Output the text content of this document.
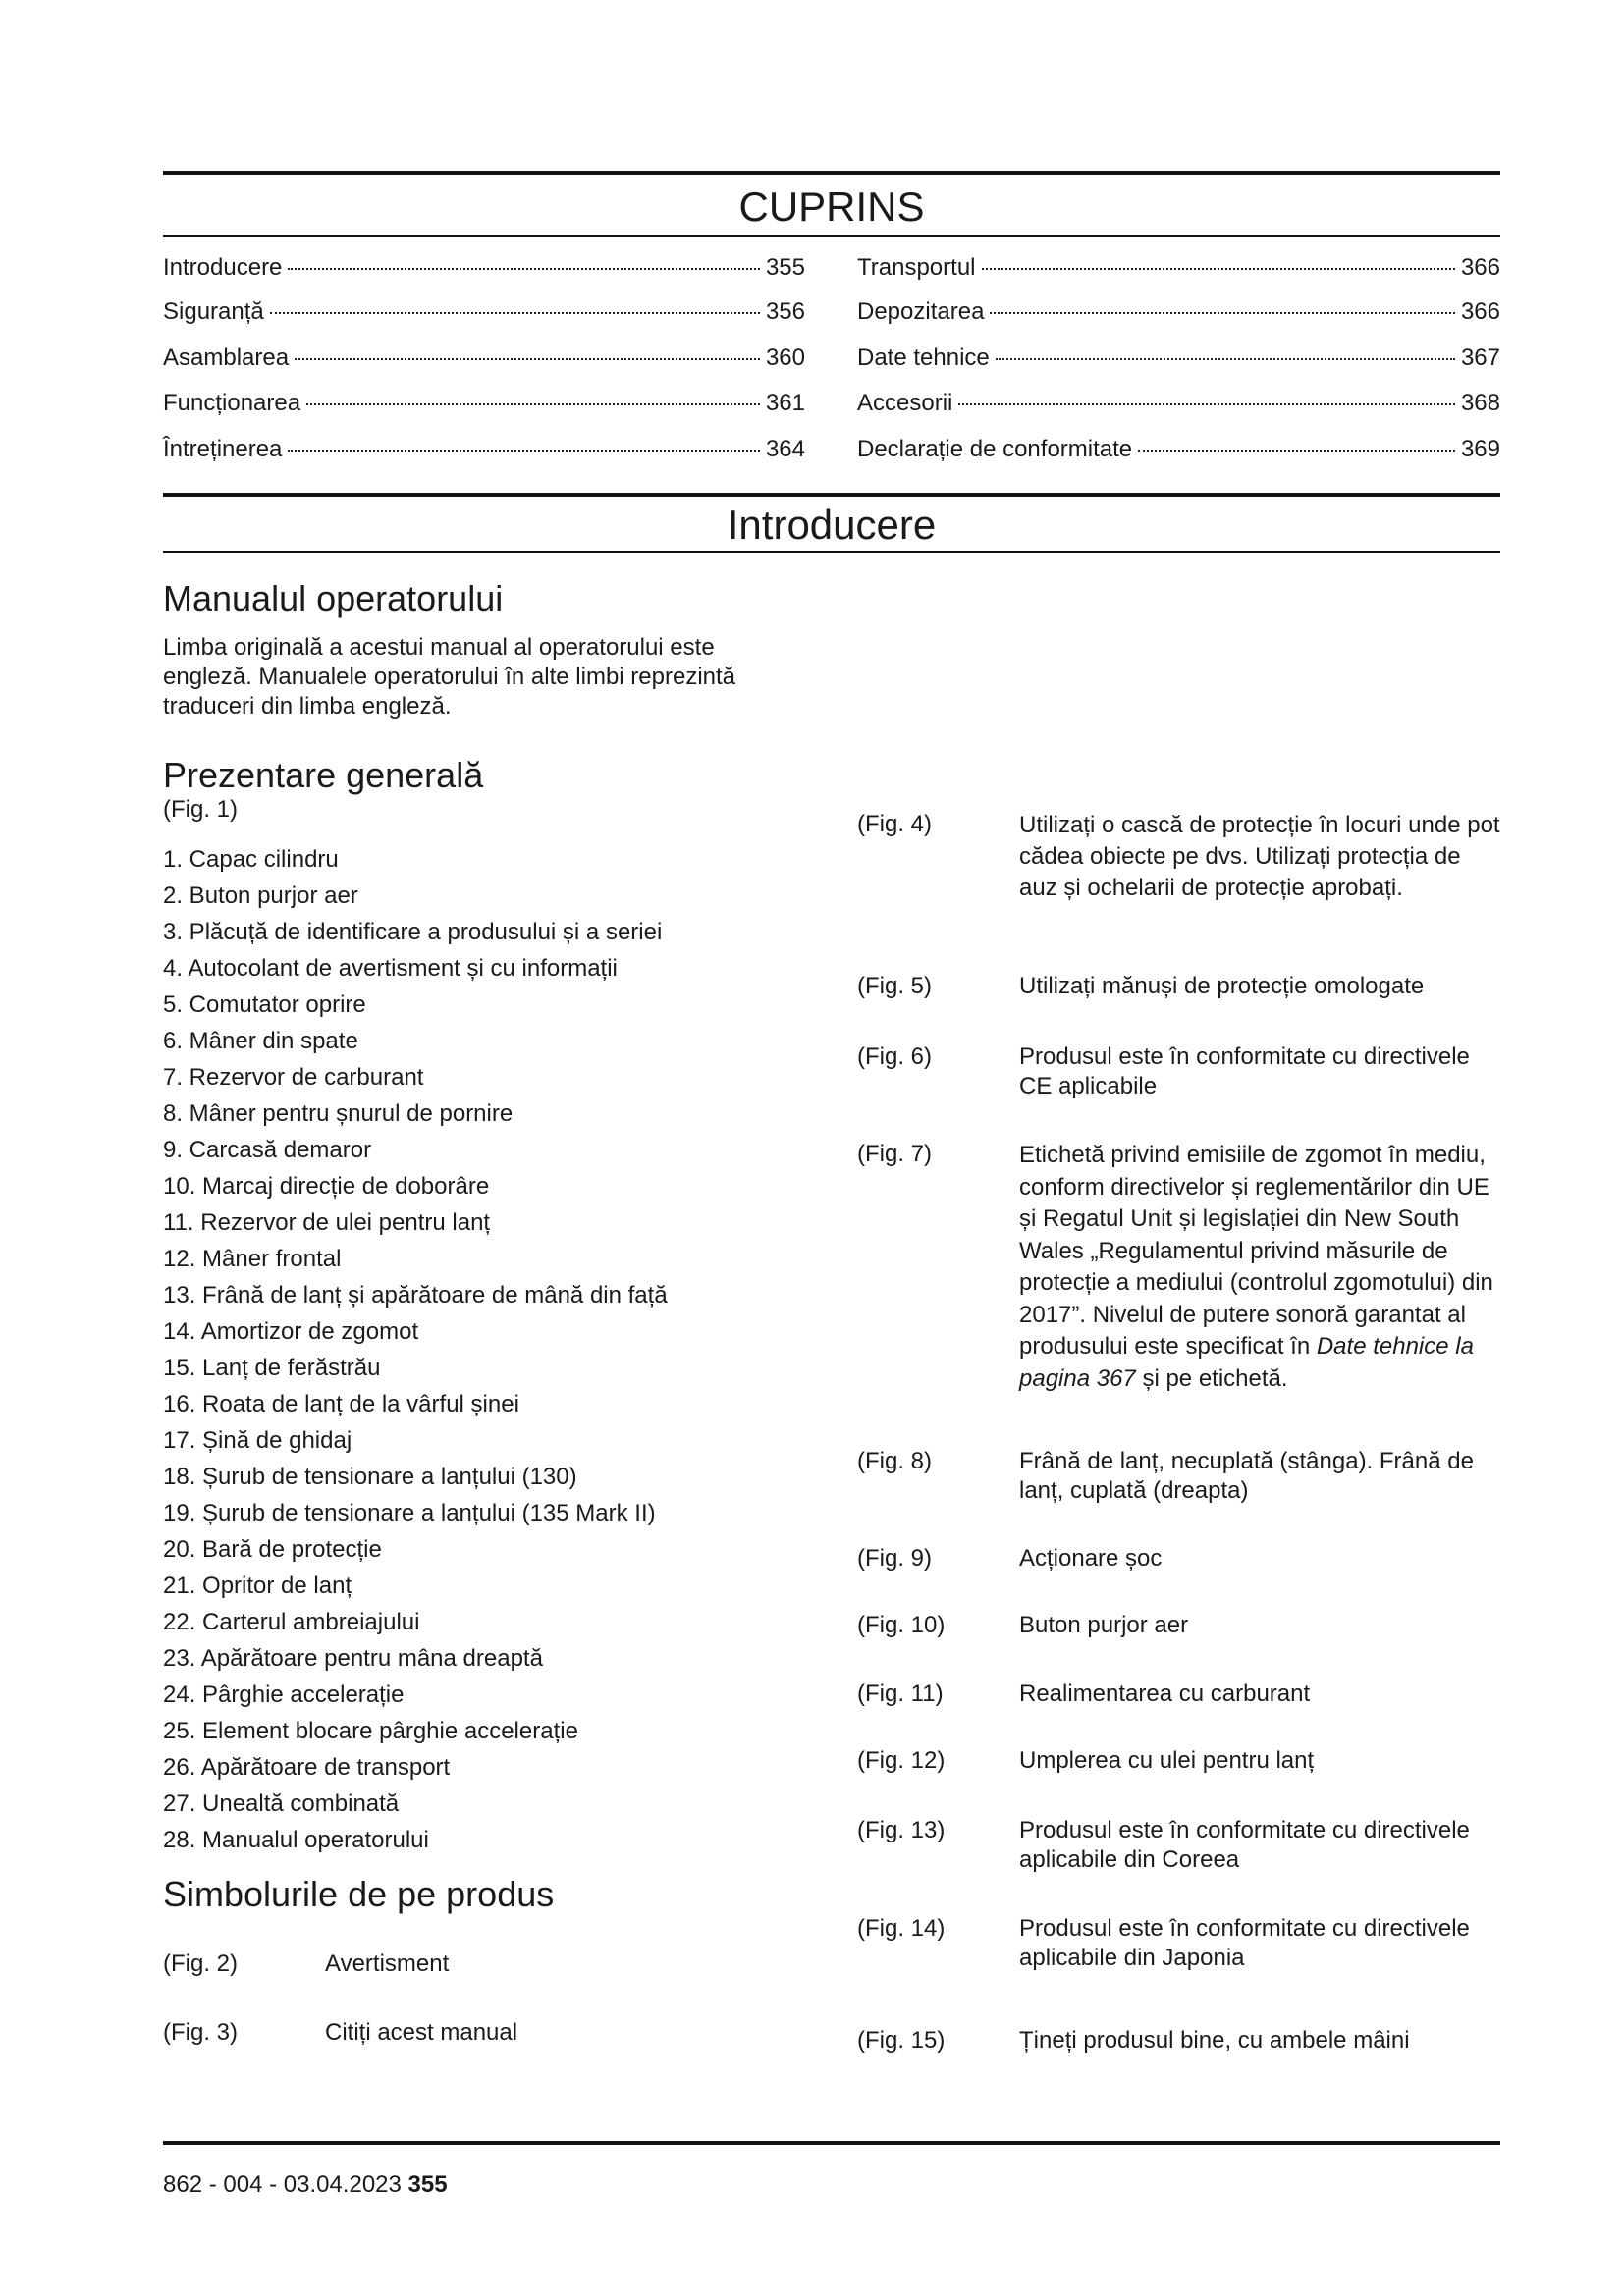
CUPRINS
Introducere	355
Siguranță	356
Asamblarea	360
Funcționarea	361
Întreținerea	364
Transportul	366
Depozitarea	366
Date tehnice	367
Accesorii	368
Declarație de conformitate	369
Introducere
Manualul operatorului

Limba originală a acestui manual al operatorului este engleză. Manualele operatorului în alte limbi reprezintă traduceri din limba engleză.

Prezentare generală
(Fig. 1)
1. Capac cilindru
2. Buton purjor aer
3. Plăcuță de identificare a produsului și a seriei
4. Autocolant de avertisment și cu informații
5. Comutator oprire
6. Mâner din spate
7. Rezervor de carburant
8. Mâner pentru șnurul de pornire
9. Carcasă demaror
10. Marcaj direcție de doborâre
11. Rezervor de ulei pentru lanț
12. Mâner frontal
13. Frână de lanț și apărătoare de mână din față
14. Amortizor de zgomot
15. Lanț de ferăstrău
16. Roata de lanț de la vârful șinei
17. Șină de ghidaj
18. Șurub de tensionare a lanțului (130)
19. Șurub de tensionare a lanțului (135 Mark II)
20. Bară de protecție
21. Opritor de lanț
22. Carterul ambreiajului
23. Apărătoare pentru mâna dreaptă
24. Pârghie accelerație
25. Element blocare pârghie accelerație
26. Apărătoare de transport
27. Unealtă combinată
28. Manualul operatorului
Simbolurile de pe produs
(Fig. 2)	Avertisment
(Fig. 3)	Citiți acest manual
(Fig. 4)	Utilizați o cască de protecție în locuri unde pot cădea obiecte pe dvs. Utilizați protecția de auz și ochelarii de protecție aprobați.
(Fig. 5)	Utilizați mănuși de protecție omologate
(Fig. 6)	Produsul este în conformitate cu directivele CE aplicabile
(Fig. 7)	Etichetă privind emisiile de zgomot în mediu, conform directivelor și reglementărilor din UE și Regatul Unit și legislației din New South Wales „Regulamentul privind măsurile de protecție a mediului (controlul zgomotului) din 2017”. Nivelul de putere sonoră garantat al produsului este specificat în Date tehnice la pagina 367 și pe etichetă.
(Fig. 8)	Frână de lanț, necuplată (stânga). Frână de lanț, cuplată (dreapta)
(Fig. 9)	Acționare șoc
(Fig. 10)	Buton purjor aer
(Fig. 11)	Realimentarea cu carburant
(Fig. 12)	Umplerea cu ulei pentru lanț
(Fig. 13)	Produsul este în conformitate cu directivele aplicabile din Coreea
(Fig. 14)	Produsul este în conformitate cu directivele aplicabile din Japonia
(Fig. 15)	Țineți produsul bine, cu ambele mâini
862 - 004 - 03.04.2023 355
